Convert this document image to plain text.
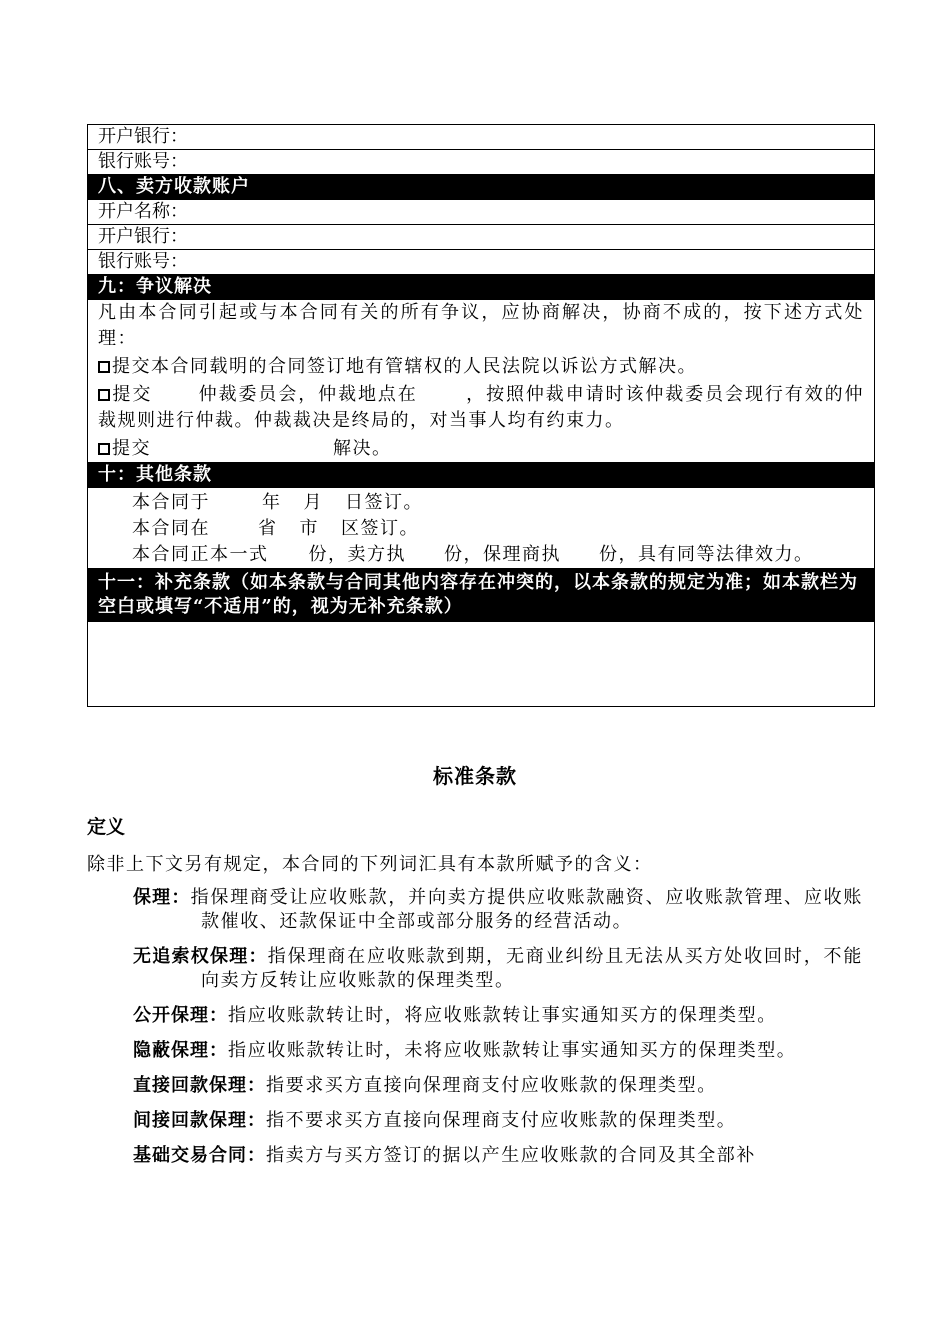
开户银行：
银行账号：
八、卖方收款账户
开户名称：
开户银行：
银行账号：
九：争议解决

凡由本合同引起或与本合同有关的所有争议，应协商解决，协商不成的，按下述方式处理：

提交本合同载明的合同签订地有管辖权的人民法院以诉讼方式解决。

提交	仲裁委员会，仲裁地点在	，按照仲裁申请时该仲裁委员会现行有效的仲裁规则进行仲裁。仲裁裁决是终局的，对当事人均有约束力。

提交	解决。

十：其他条款

本合同于	年 月 日签订。

本合同在	省 市 区签订。

本合同正本一式 份，卖方执 份，保理商执 份，具有同等法律效力。

十一：补充条款（如本条款与合同其他内容存在冲突的，以本条款的规定为准；如本款栏为空白或填写“不适用”的，视为无补充条款）
标准条款
定义
除非上下文另有规定，本合同的下列词汇具有本款所赋予的含义：

保理：指保理商受让应收账款，并向卖方提供应收账款融资、应收账款管理、应收账款催收、还款保证中全部或部分服务的经营活动。

无追索权保理：指保理商在应收账款到期，无商业纠纷且无法从买方处收回时，不能向卖方反转让应收账款的保理类型。

公开保理：指应收账款转让时，将应收账款转让事实通知买方的保理类型。

隐蔽保理：指应收账款转让时，未将应收账款转让事实通知买方的保理类型。

直接回款保理：指要求买方直接向保理商支付应收账款的保理类型。

间接回款保理：指不要求买方直接向保理商支付应收账款的保理类型。

基础交易合同：指卖方与买方签订的据以产生应收账款的合同及其全部补
